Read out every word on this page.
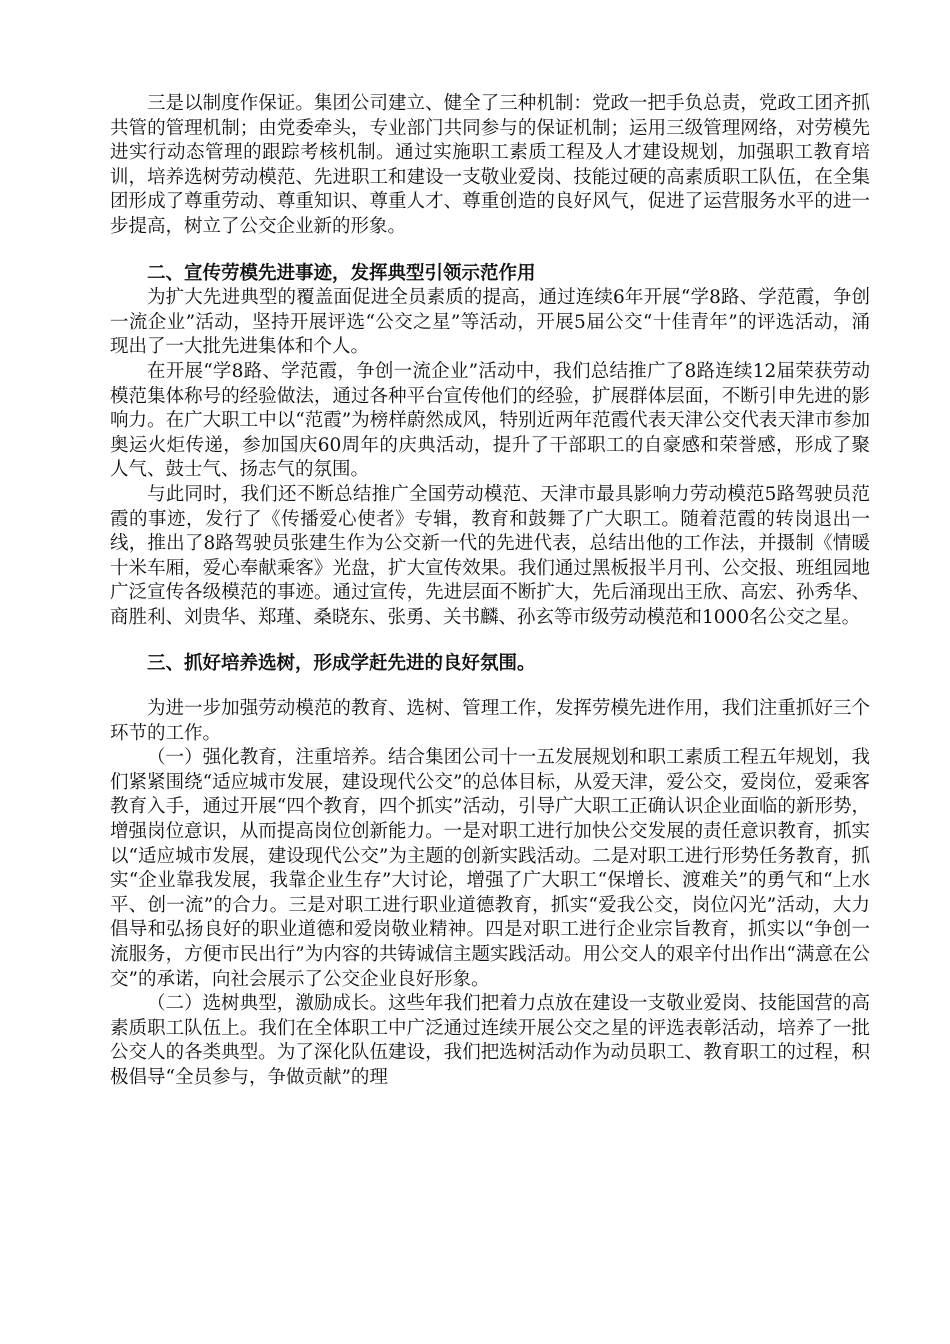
三是以制度作保证。集团公司建立、健全了三种机制：党政一把手负总责，党政工团齐抓共管的管理机制；由党委牵头，专业部门共同参与的保证机制；运用三级管理网络，对劳模先进实行动态管理的跟踪考核机制。通过实施职工素质工程及人才建设规划，加强职工教育培训，培养选树劳动模范、先进职工和建设一支敬业爱岗、技能过硬的高素质职工队伍，在全集团形成了尊重劳动、尊重知识、尊重人才、尊重创造的良好风气，促进了运营服务水平的进一步提高，树立了公交企业新的形象。

二、宣传劳模先进事迹，发挥典型引领示范作用

为扩大先进典型的覆盖面促进全员素质的提高，通过连续6年开展“学8路、学范霞，争创一流企业”活动，坚持开展评选“公交之星”等活动，开展5届公交“十佳青年”的评选活动，涌现出了一大批先进集体和个人。

在开展“学8路、学范霞，争创一流企业”活动中，我们总结推广了8路连续12届荣获劳动模范集体称号的经验做法，通过各种平台宣传他们的经验，扩展群体层面，不断引申先进的影响力。在广大职工中以“范霞”为榜样蔚然成风，特别近两年范霞代表天津公交代表天津市参加奥运火炬传递，参加国庆60周年的庆典活动，提升了干部职工的自豪感和荣誉感，形成了聚人气、鼓士气、扬志气的氛围。

与此同时，我们还不断总结推广全国劳动模范、天津市最具影响力劳动模范5路驾驶员范霞的事迹，发行了《传播爱心使者》专辑，教育和鼓舞了广大职工。随着范霞的转岗退出一线，推出了8路驾驶员张建生作为公交新一代的先进代表，总结出他的工作法，并摄制《情暖十米车厢，爱心奉献乘客》光盘，扩大宣传效果。我们通过黑板报半月刊、公交报、班组园地广泛宣传各级模范的事迹。通过宣传，先进层面不断扩大，先后涌现出王欣、高宏、孙秀华、商胜利、刘贵华、郑瑾、桑晓东、张勇、关书麟、孙玄等市级劳动模范和1000名公交之星。

三、抓好培养选树，形成学赶先进的良好氛围。

为进一步加强劳动模范的教育、选树、管理工作，发挥劳模先进作用，我们注重抓好三个环节的工作。

（一）强化教育，注重培养。结合集团公司十一五发展规划和职工素质工程五年规划，我们紧紧围绕“适应城市发展，建设现代公交”的总体目标，从爱天津，爱公交，爱岗位，爱乘客教育入手，通过开展“四个教育，四个抓实”活动，引导广大职工正确认识企业面临的新形势，增强岗位意识，从而提高岗位创新能力。一是对职工进行加快公交发展的责任意识教育，抓实以“适应城市发展，建设现代公交”为主题的创新实践活动。二是对职工进行形势任务教育，抓实“企业靠我发展，我靠企业生存”大讨论，增强了广大职工“保增长、渡难关”的勇气和“上水平、创一流”的合力。三是对职工进行职业道德教育，抓实“爱我公交，岗位闪光”活动，大力倡导和弘扬良好的职业道德和爱岗敬业精神。四是对职工进行企业宗旨教育，抓实以“争创一流服务，方便市民出行”为内容的共铸诚信主题实践活动。用公交人的艰辛付出作出“满意在公交”的承诺，向社会展示了公交企业良好形象。

（二）选树典型，激励成长。这些年我们把着力点放在建设一支敬业爱岗、技能国营的高素质职工队伍上。我们在全体职工中广泛通过连续开展公交之星的评选表彰活动，培养了一批公交人的各类典型。为了深化队伍建设，我们把选树活动作为动员职工、教育职工的过程，积极倡导“全员参与，争做贡献”的理
